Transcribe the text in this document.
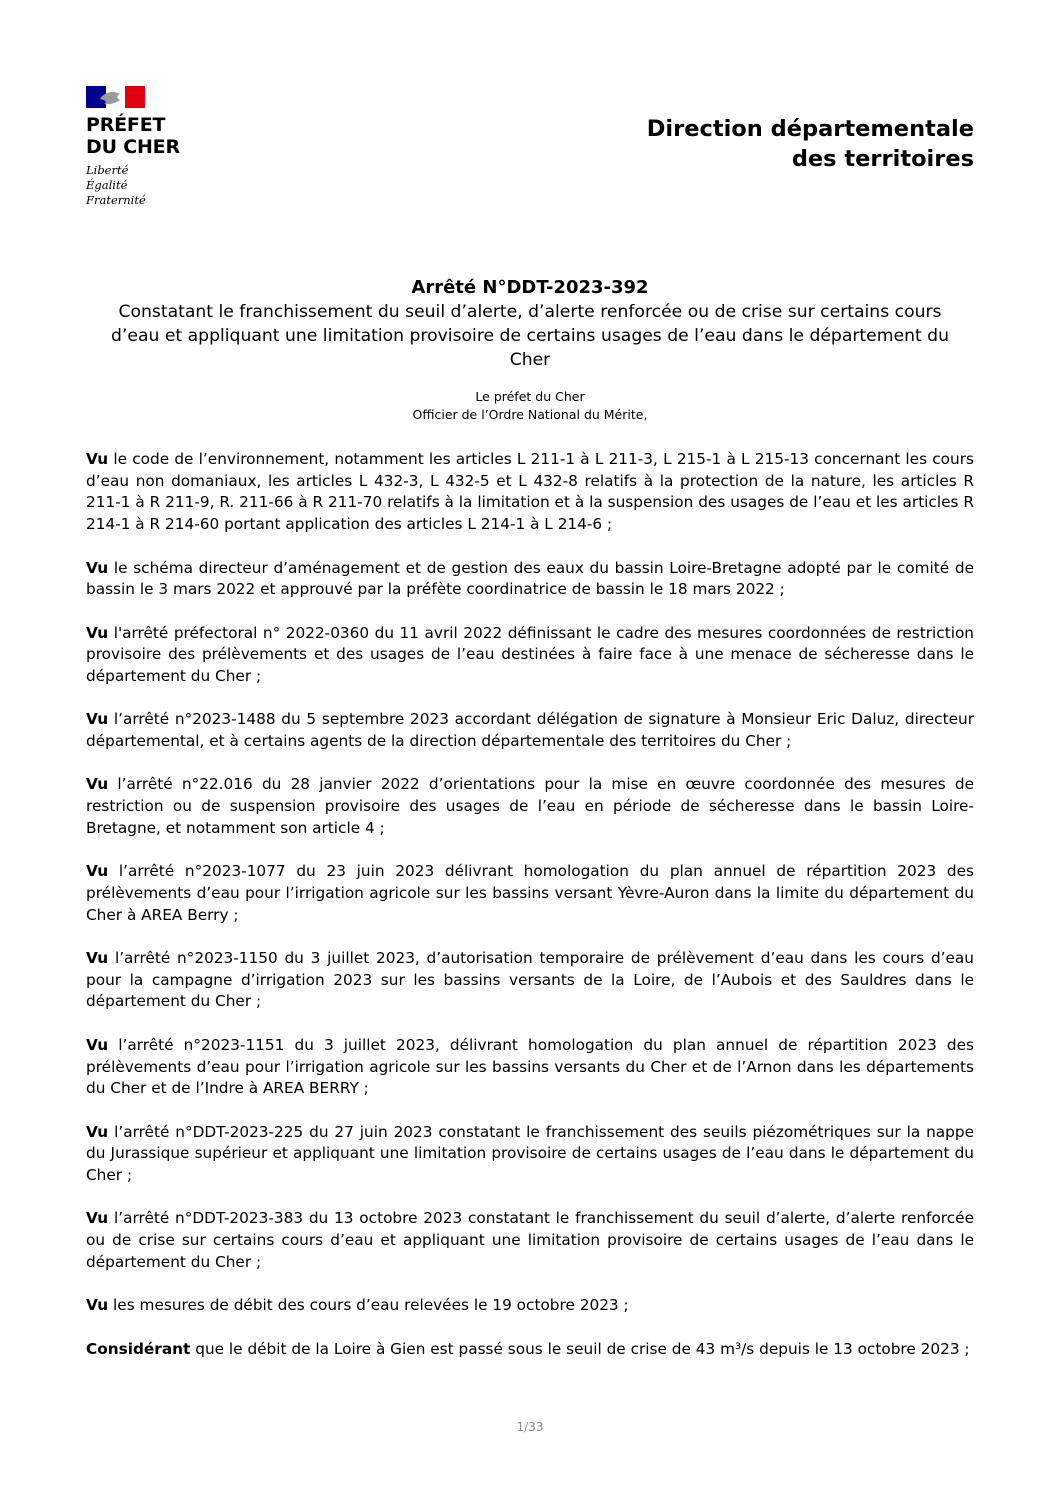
PRÉFET
DU CHER
Liberté
Égalité
Fraternité
Direction départementale
des territoires
Arrêté N°DDT-2023-392
Constatant le franchissement du seuil d’alerte, d’alerte renforcée ou de crise sur certains cours d’eau et appliquant une limitation provisoire de certains usages de l’eau dans le département du Cher
Le préfet du Cher
Officier de l’Ordre National du Mérite,

Vu le code de l’environnement, notamment les articles L 211-1 à L 211-3, L 215-1 à L 215-13 concernant les cours d’eau non domaniaux, les articles L 432-3, L 432-5 et L 432-8 relatifs à la protection de la nature, les articles R 211-1 à R 211-9, R. 211-66 à R 211-70 relatifs à la limitation et à la suspension des usages de l’eau et les articles R 214-1 à R 214-60 portant application des articles L 214-1 à L 214-6 ;

Vu le schéma directeur d’aménagement et de gestion des eaux du bassin Loire-Bretagne adopté par le comité de bassin le 3 mars 2022 et approuvé par la préfète coordinatrice de bassin le 18 mars 2022 ;

Vu l'arrêté préfectoral n° 2022-0360 du 11 avril 2022 définissant le cadre des mesures coordonnées de restriction provisoire des prélèvements et des usages de l’eau destinées à faire face à une menace de sécheresse dans le département du Cher ;

Vu l’arrêté n°2023-1488 du 5 septembre 2023 accordant délégation de signature à Monsieur Eric Daluz, directeur départemental, et à certains agents de la direction départementale des territoires du Cher ;

Vu l’arrêté n°22.016 du 28 janvier 2022 d’orientations pour la mise en œuvre coordonnée des mesures de restriction ou de suspension provisoire des usages de l’eau en période de sécheresse dans le bassin Loire-Bretagne, et notamment son article 4 ;

Vu l’arrêté n°2023-1077 du 23 juin 2023 délivrant homologation du plan annuel de répartition 2023 des prélèvements d’eau pour l’irrigation agricole sur les bassins versant Yèvre-Auron dans la limite du département du Cher à AREA Berry ;

Vu l’arrêté n°2023-1150 du 3 juillet 2023, d’autorisation temporaire de prélèvement d’eau dans les cours d’eau pour la campagne d’irrigation 2023 sur les bassins versants de la Loire, de l’Aubois et des Sauldres dans le département du Cher ;

Vu l’arrêté n°2023-1151 du 3 juillet 2023, délivrant homologation du plan annuel de répartition 2023 des prélèvements d’eau pour l’irrigation agricole sur les bassins versants du Cher et de l’Arnon dans les départements du Cher et de l’Indre à AREA BERRY ;

Vu l’arrêté n°DDT-2023-225 du 27 juin 2023 constatant le franchissement des seuils piézométriques sur la nappe du Jurassique supérieur et appliquant une limitation provisoire de certains usages de l’eau dans le département du Cher ;

Vu l’arrêté n°DDT-2023-383 du 13 octobre 2023 constatant le franchissement du seuil d’alerte, d’alerte renforcée ou de crise sur certains cours d’eau et appliquant une limitation provisoire de certains usages de l’eau dans le département du Cher ;

Vu les mesures de débit des cours d’eau relevées le 19 octobre 2023 ;

Considérant que le débit de la Loire à Gien est passé sous le seuil de crise de 43 m³/s depuis le 13 octobre 2023 ;

1/33
